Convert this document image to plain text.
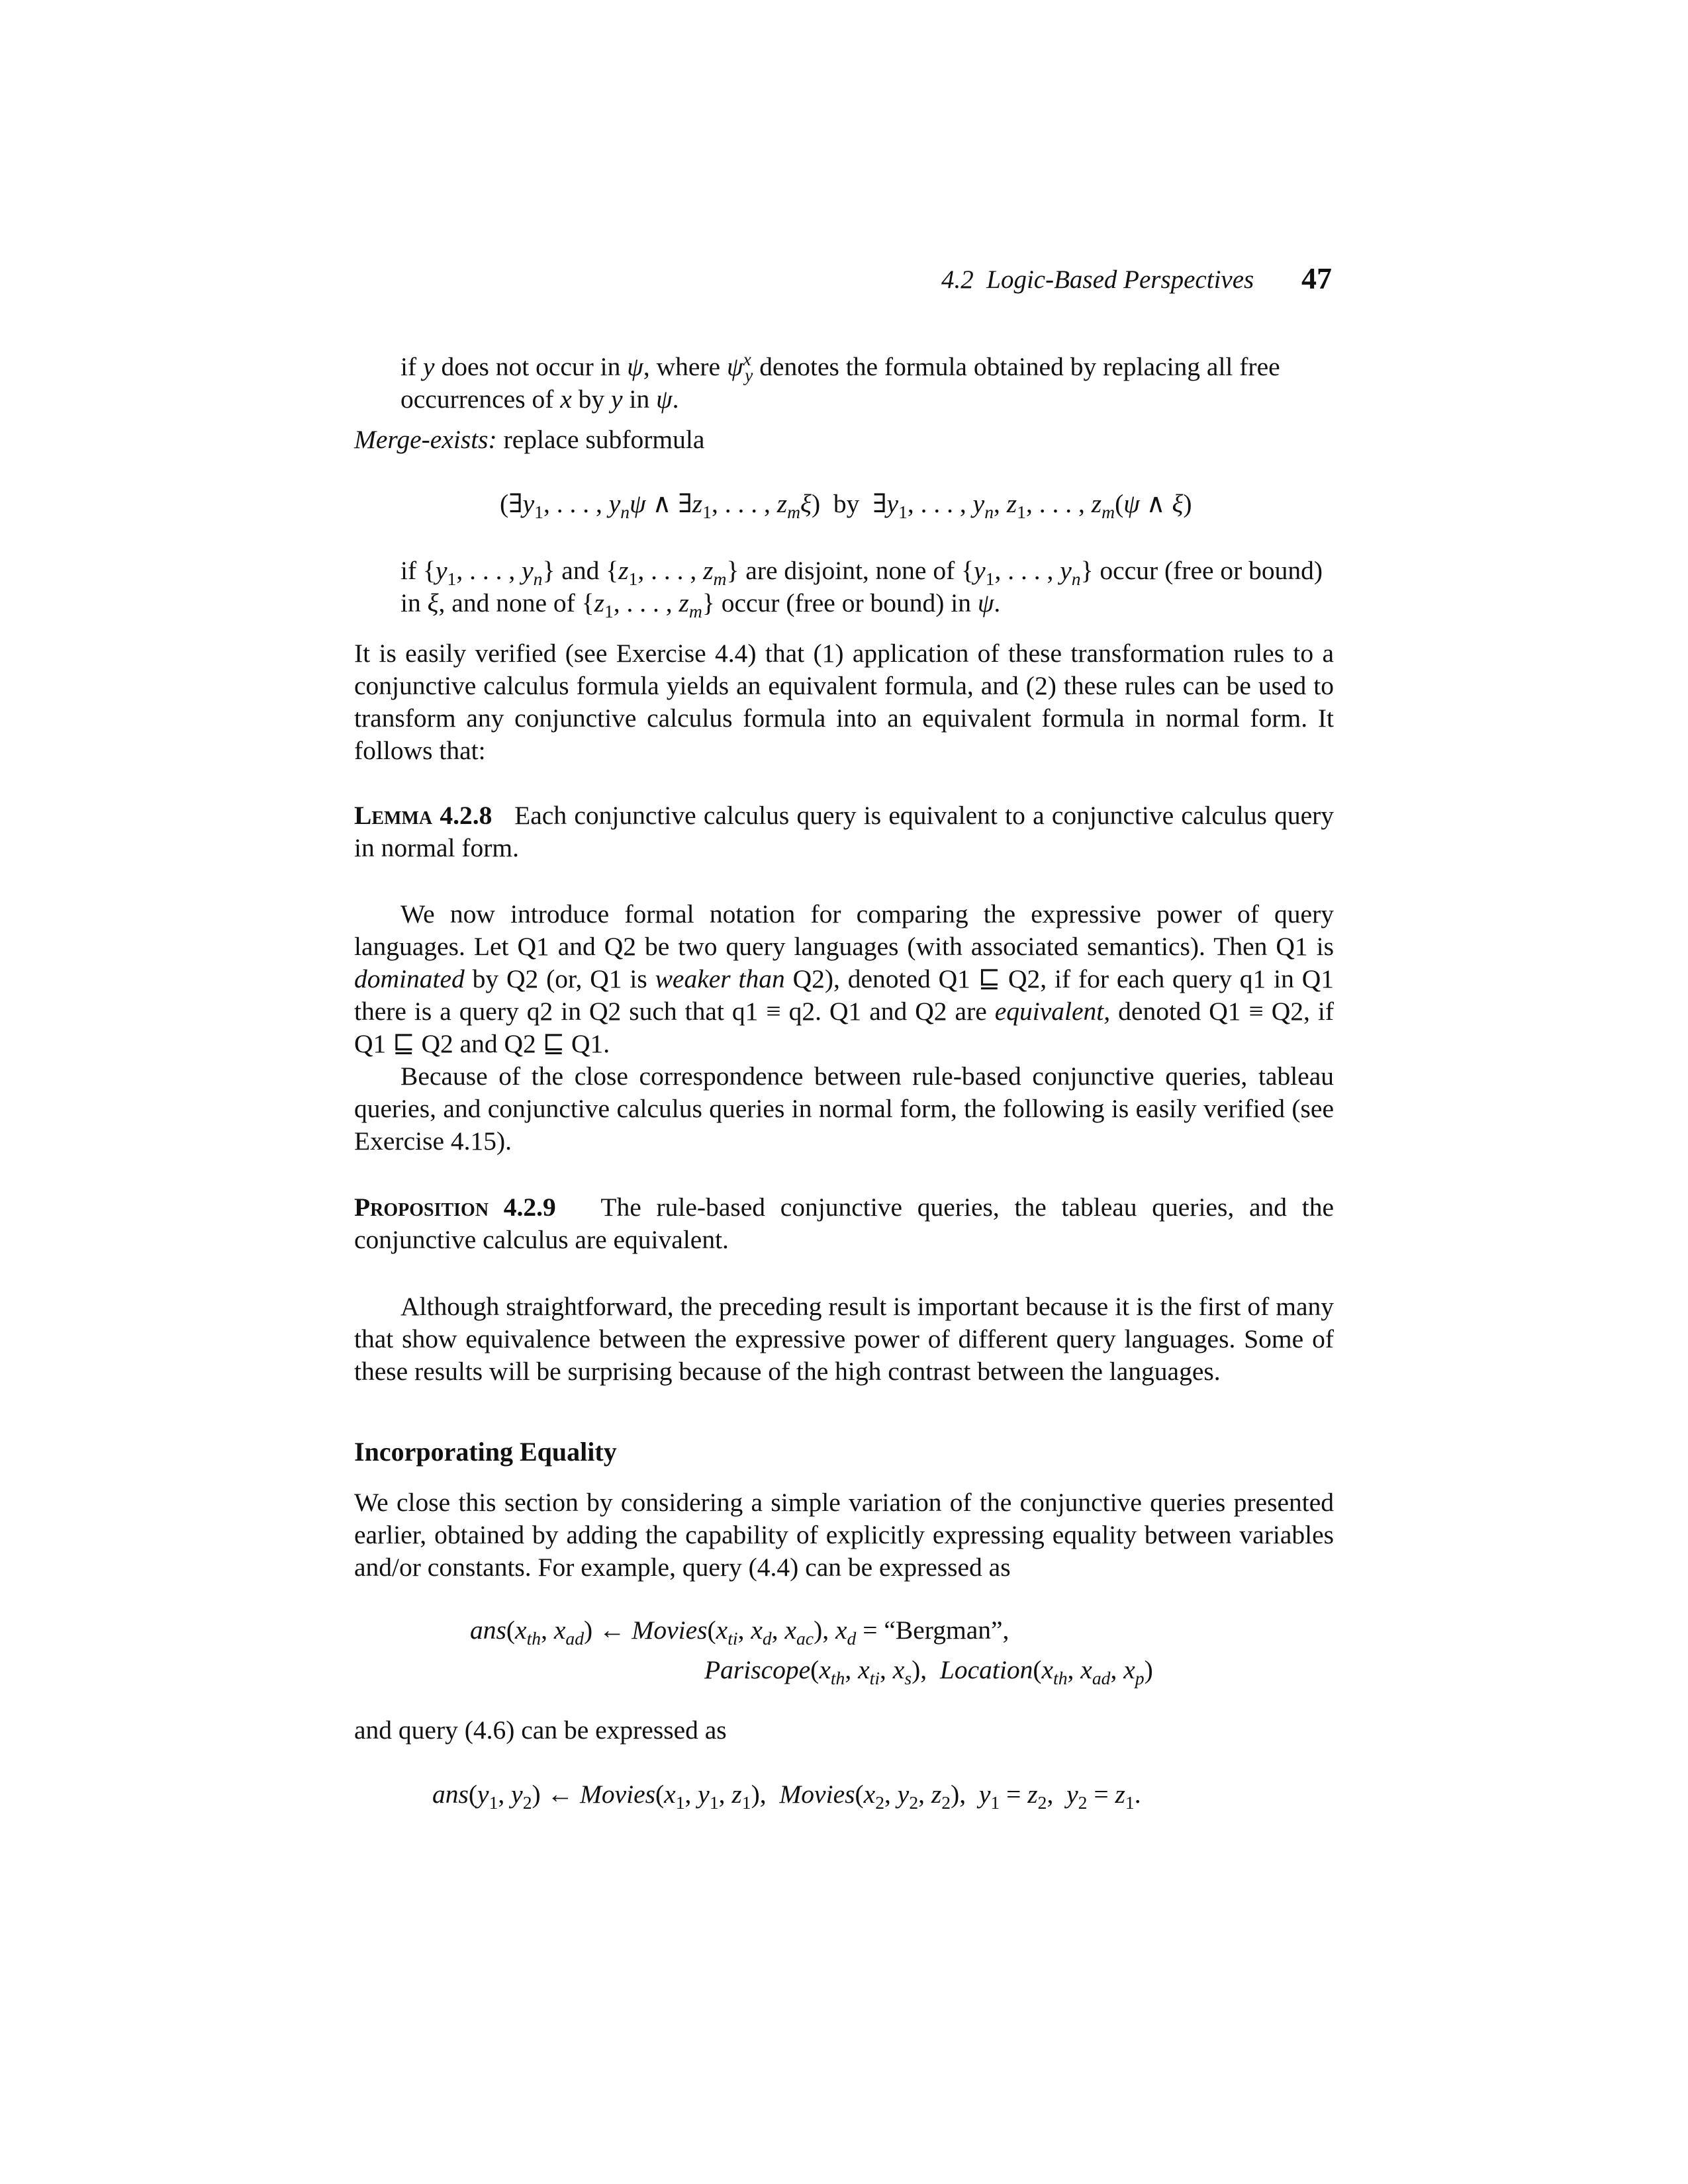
4.2  Logic-Based Perspectives 47
if y does not occur in ψ, where $\psi^x_y$ denotes the formula obtained by replacing all free
occurrences of x by y in ψ.
Merge-exists: replace subformula
($\exists y_1$, . . . , $y_n\psi$ ∧ $\exists z_1$, . . . , $z_m\xi$)  by  $\exists y_1$, . . . , $y_n$, $z_1$, . . . , $z_m(\psi$ ∧ ξ)
if {$y_1$, . . . , $y_n$} and {$z_1$, . . . , $z_m$} are disjoint, none of {$y_1$, . . . , $y_n$} occur (free or bound)
in ξ, and none of {$z_1$, . . . , $z_m$} occur (free or bound) in ψ.
It is easily verified (see Exercise 4.4) that (1) application of these transformation rules to a conjunctive calculus formula yields an equivalent formula, and (2) these rules can be used to transform any conjunctive calculus formula into an equivalent formula in normal form. It follows that:
Lemma 4.2.8 Each conjunctive calculus query is equivalent to a conjunctive calculus query in normal form.
We now introduce formal notation for comparing the expressive power of query languages. Let Q1 and Q2 be two query languages (with associated semantics). Then Q1 is dominated by Q2 (or, Q1 is weaker than Q2), denoted Q1 ⊑ Q2, if for each query q1 in Q1 there is a query q2 in Q2 such that q1 ≡ q2. Q1 and Q2 are equivalent, denoted Q1 ≡ Q2, if Q1 ⊑ Q2 and Q2 ⊑ Q1.
Because of the close correspondence between rule-based conjunctive queries, tableau queries, and conjunctive calculus queries in normal form, the following is easily verified (see Exercise 4.15).
Proposition 4.2.9 The rule-based conjunctive queries, the tableau queries, and the conjunctive calculus are equivalent.
Although straightforward, the preceding result is important because it is the first of many that show equivalence between the expressive power of different query languages. Some of these results will be surprising because of the high contrast between the languages.
Incorporating Equality
We close this section by considering a simple variation of the conjunctive queries presented earlier, obtained by adding the capability of explicitly expressing equality between variables and/or constants. For example, query (4.4) can be expressed as
$ans(x_{th}$, $x_{ad}$) ← $Movies(x_{ti}$, $x_d$, $x_{ac}$), $x_d$ = “Bergman”,
$Pariscope(x_{th}$, $x_{ti}$, $x_s$),  $Location(x_{th}$, $x_{ad}$, $x_p$)
and query (4.6) can be expressed as
$ans(y_1$, $y_2$) ← $Movies(x_1$, $y_1$, $z_1$),  $Movies(x_2$, $y_2$, $z_2$),  $y_1 = z_2$,  $y_2 = z_1$.
